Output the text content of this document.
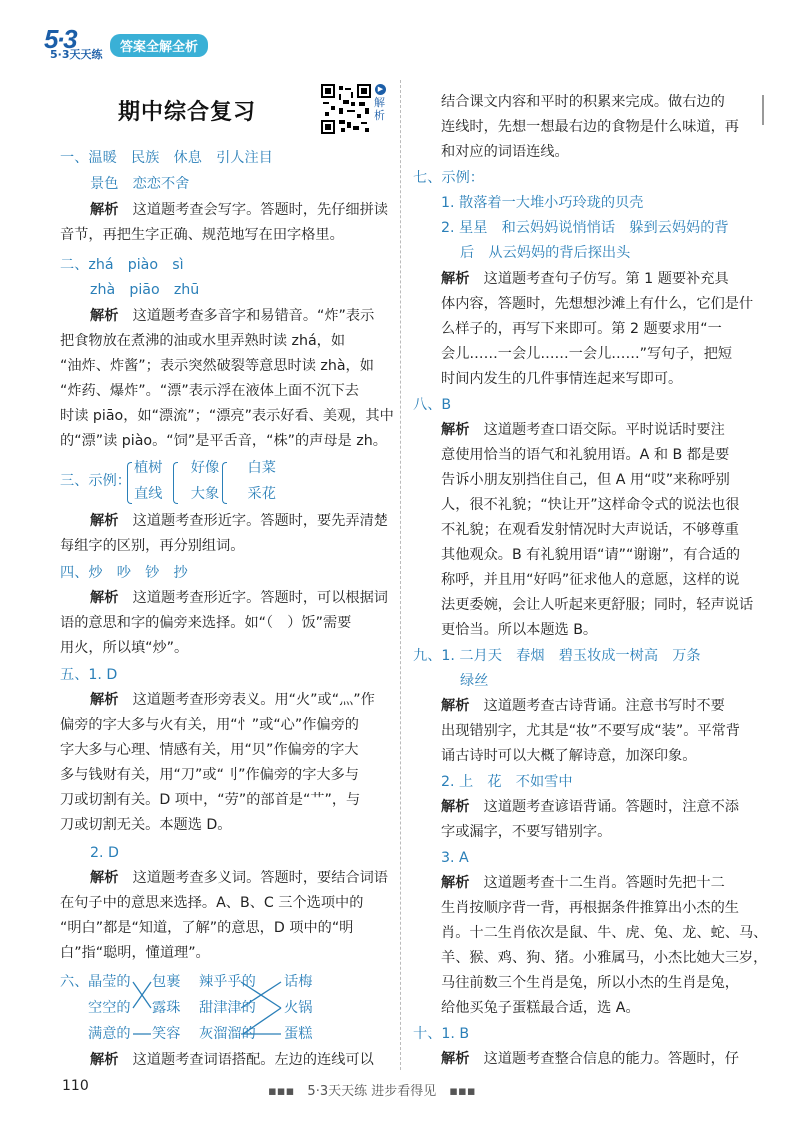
5·3
5·3天天练	答案全解全析
期中综合复习
▶
解析
一、温暖　民族　休息　引人注目
景色　恋恋不舍
解析　这道题考查会写字。答题时，先仔细拼读
音节，再把生字正确、规范地写在田字格里。
二、zhá　piào　sì
zhà　piāo　zhū
解析　这道题考查多音字和易错音。“炸”表示
把食物放在煮沸的油或水里弄熟时读 zhá，如
“油炸、炸酱”；表示突然破裂等意思时读 zhà，如
“炸药、爆炸”。“漂”表示浮在液体上面不沉下去
时读 piāo，如“漂流”；“漂亮”表示好看、美观，其中
的“漂”读 piào。“饲”是平舌音，“株”的声母是 zh。
三、示例：
植树　　好像　　白菜
直线　　大象　　采花
解析　这道题考查形近字。答题时，要先弄清楚
每组字的区别，再分别组词。
四、炒　吵　钞　抄
解析　这道题考查形近字。答题时，可以根据词
语的意思和字的偏旁来选择。如“（　）饭”需要
用火，所以填“炒”。
五、1. D
解析　这道题考查形旁表义。用“火”或“灬”作
偏旁的字大多与火有关，用“忄”或“心”作偏旁的
字大多与心理、情感有关，用“贝”作偏旁的字大
多与钱财有关，用“刀”或“刂”作偏旁的字大多与
刀或切割有关。D 项中，“劳”的部首是“艹”，与
刀或切割无关。本题选 D。
2. D
解析　这道题考查多义词。答题时，要结合词语
在句子中的意思来选择。A、B、C 三个选项中的
“明白”都是“知道，了解”的意思，D 项中的“明
白”指“聪明，懂道理”。
六、 晶莹的
空空的
满意的
包裹
露珠
笑容
辣乎乎的
甜津津的
灰溜溜的
话梅
火锅
蛋糕
解析　这道题考查词语搭配。左边的连线可以
结合课文内容和平时的积累来完成。做右边的
连线时，先想一想最右边的食物是什么味道，再
和对应的词语连线。
七、示例：
1. 散落着一大堆小巧玲珑的贝壳
2. 星星　和云妈妈说悄悄话　躲到云妈妈的背
后　从云妈妈的背后探出头
解析　这道题考查句子仿写。第 1 题要补充具
体内容，答题时，先想想沙滩上有什么，它们是什
么样子的，再写下来即可。第 2 题要求用“一
会儿……一会儿……一会儿……”写句子，把短
时间内发生的几件事情连起来写即可。
八、B
解析　这道题考查口语交际。平时说话时要注
意使用恰当的语气和礼貌用语。A 和 B 都是要
告诉小朋友别挡住自己，但 A 用“哎”来称呼别
人，很不礼貌；“快让开”这样命令式的说法也很
不礼貌；在观看发射情况时大声说话，不够尊重
其他观众。B 有礼貌用语“请”“谢谢”，有合适的
称呼，并且用“好吗”征求他人的意愿，这样的说
法更委婉，会让人听起来更舒服；同时，轻声说话
更恰当。所以本题选 B。
九、1. 二月天　春烟　碧玉妆成一树高　万条
绿丝
解析　这道题考查古诗背诵。注意书写时不要
出现错别字，尤其是“妆”不要写成“装”。平常背
诵古诗时可以大概了解诗意，加深印象。
2. 上　花　不如雪中
解析　这道题考查谚语背诵。答题时，注意不添
字或漏字，不要写错别字。
3. A
解析　这道题考查十二生肖。答题时先把十二
生肖按顺序背一背，再根据条件推算出小杰的生
肖。十二生肖依次是鼠、牛、虎、兔、龙、蛇、马、
羊、猴、鸡、狗、猪。小雅属马，小杰比她大三岁，
马往前数三个生肖是兔，所以小杰的生肖是兔，
给他买兔子蛋糕最合适，选 A。
十、1. B
解析　这道题考查整合信息的能力。答题时，仔
110	▪▪▪　5·3天天练 进步看得见　▪▪▪
